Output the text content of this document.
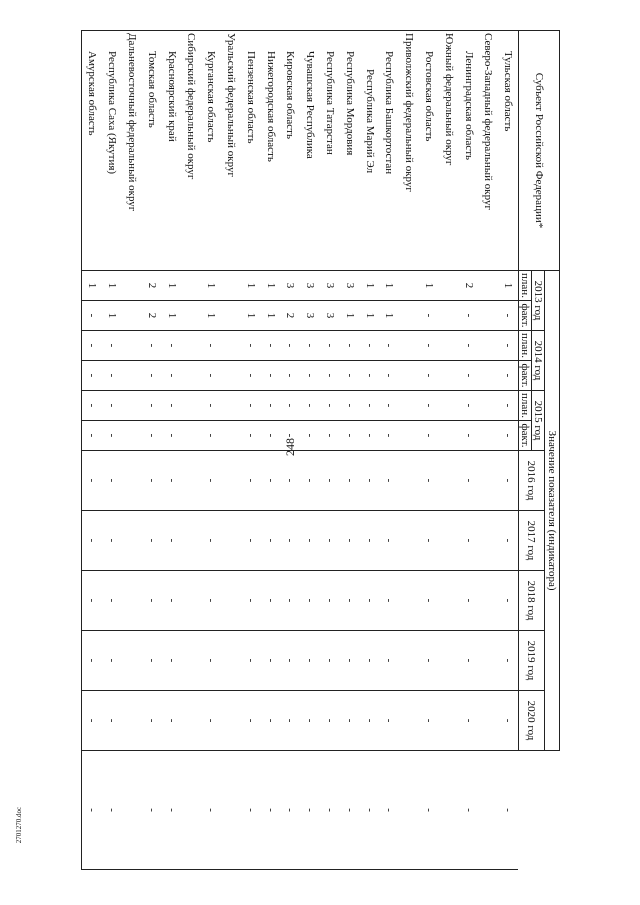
248
2701270.doc
Субъект Российской Федерации*	Значение показателя (индикатора)											
	2013 год		2014 год		2015 год		2016 год	2017 год	2018 год	2019 год	2020 год	
	план.	факт.	план.	факт.	план.	факт.						
Тульская область	1	-	-	-	-	-	-	-	-	-	-	-
Северо-Западный федеральный округ												
Ленинградская область	2	-	-	-	-	-	-	-	-	-	-	-
Южный федеральный округ												
Ростовская область	1	-	-	-	-	-	-	-	-	-	-	-
Приволжский федеральный округ												
Республика Башкортостан	1	1	-	-	-	-	-	-	-	-	-	-
Республика Марий Эл	1	1	-	-	-	-	-	-	-	-	-	-
Республика Мордовия	3	1	-	-	-	-	-	-	-	-	-	-
Республика Татарстан	3	3	-	-	-	-	-	-	-	-	-	-
Чувашская Республика	3	3	-	-	-	-	-	-	-	-	-	-
Кировская область	3	2	-	-	-	-	-	-	-	-	-	-
Нижегородская область	1	1	-	-	-	-	-	-	-	-	-	-
Пензенская область	1	1	-	-	-	-	-	-	-	-	-	-
Уральский федеральный округ												
Курганская область	1	1	-	-	-	-	-	-	-	-	-	-
Сибирский федеральный округ												
Красноярский край	1	1	-	-	-	-	-	-	-	-	-	-
Томская область	2	2	-	-	-	-	-	-	-	-	-	-
Дальневосточный федеральный округ												
Республика Саха (Якутия)	1	1	-	-	-	-	-	-	-	-	-	-
Амурская область	1	-	-	-	-	-	-	-	-	-	-	-
